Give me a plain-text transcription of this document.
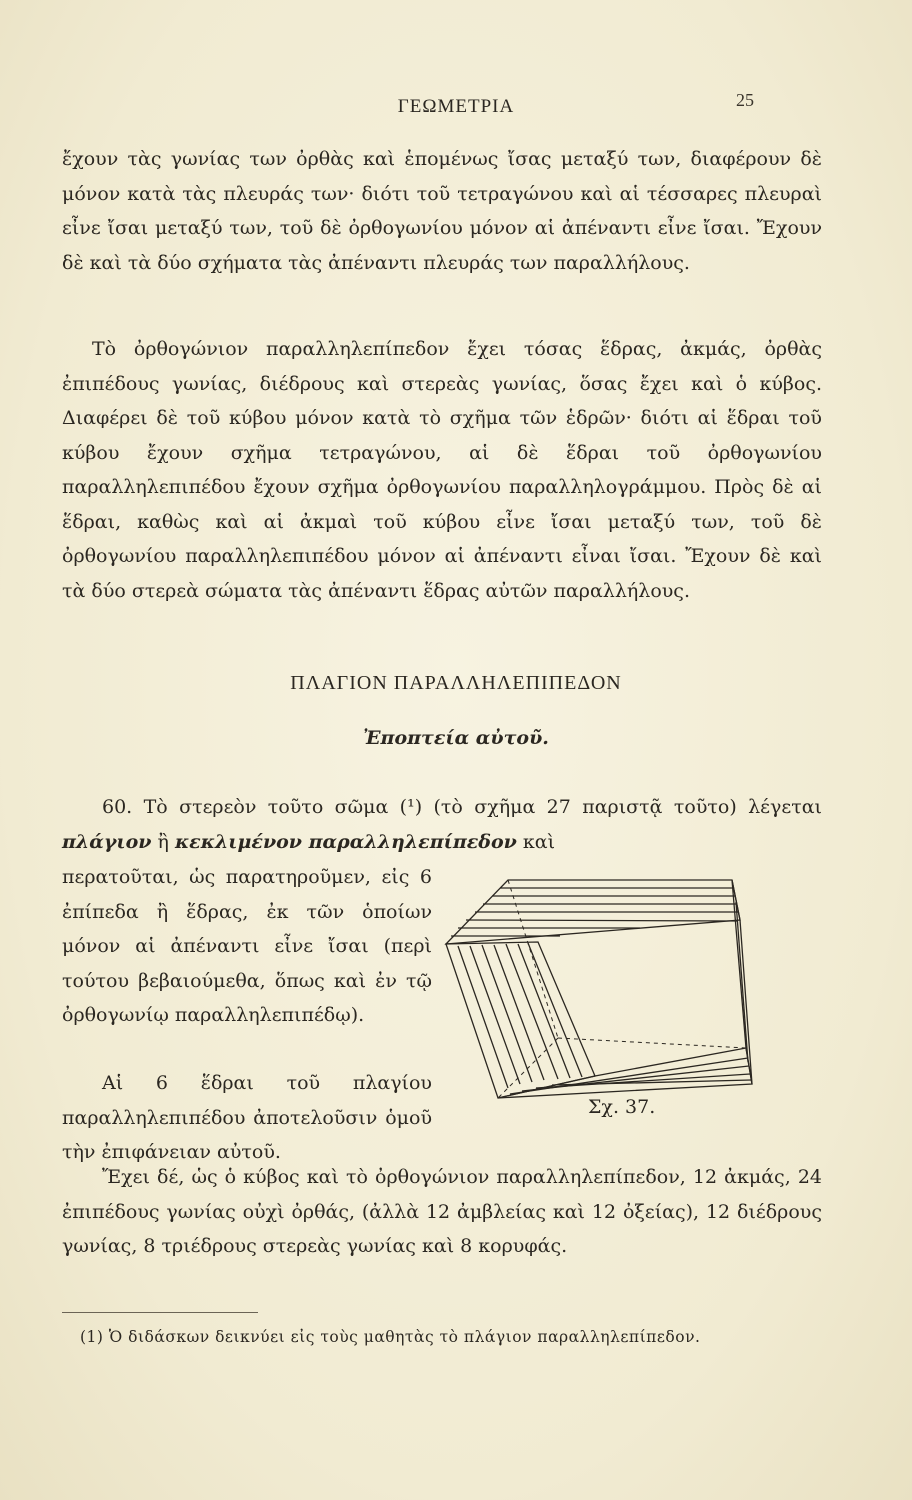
ΓΕΩΜΕΤΡΙΑ	25
ἔχουν τὰς γωνίας των ὀρθὰς καὶ ἑπομένως ἴσας μεταξύ των, διαφέρουν δὲ μόνον κατὰ τὰς πλευράς των· διότι τοῦ τετραγώνου καὶ αἱ τέσσαρες πλευραὶ εἶνε ἴσαι μεταξύ των, τοῦ δὲ ὀρθογωνίου μόνον αἱ ἀπέναντι εἶνε ἴσαι. Ἔχουν δὲ καὶ τὰ δύο σχήματα τὰς ἀπέναντι πλευράς των παραλλήλους.
Τὸ ὀρθογώνιον παραλληλεπίπεδον ἔχει τόσας ἕδρας, ἀκμάς, ὀρθὰς ἐπιπέδους γωνίας, διέδρους καὶ στερεὰς γωνίας, ὅσας ἔχει καὶ ὁ κύβος. Διαφέρει δὲ τοῦ κύβου μόνον κατὰ τὸ σχῆμα τῶν ἑδρῶν· διότι αἱ ἕδραι τοῦ κύβου ἔχουν σχῆμα τετραγώνου, αἱ δὲ ἕδραι τοῦ ὀρθογωνίου παραλληλεπιπέδου ἔχουν σχῆμα ὀρθογωνίου παραλληλογράμμου. Πρὸς δὲ αἱ ἕδραι, καθὼς καὶ αἱ ἀκμαὶ τοῦ κύβου εἶνε ἴσαι μεταξύ των, τοῦ δὲ ὀρθογωνίου παραλληλεπιπέδου μόνον αἱ ἀπέναντι εἶναι ἴσαι. Ἔχουν δὲ καὶ τὰ δύο στερεὰ σώματα τὰς ἀπέναντι ἕδρας αὐτῶν παραλλήλους.
ΠΛΑΓΙΟΝ ΠΑΡΑΛΛΗΛΕΠΙΠΕΔΟΝ
Ἐποπτεία αὐτοῦ.
60. Τὸ στερεὸν τοῦτο σῶμα (¹) (τὸ σχῆμα 27 παριστᾷ τοῦτο) λέγεται πλάγιον ἢ κεκλιμένον παραλληλεπίπεδον καὶ
περατοῦται, ὡς παρατηροῦμεν, εἰς 6 ἐπίπεδα ἢ ἕδρας, ἐκ τῶν ὁποίων μόνον αἱ ἀπέναντι εἶνε ἴσαι (περὶ τούτου βεβαιούμεθα, ὅπως καὶ ἐν τῷ ὀρθογωνίῳ παραλληλεπιπέδῳ).
Αἱ 6 ἕδραι τοῦ πλαγίου παραλληλεπιπέδου ἀποτελοῦσιν ὁμοῦ τὴν ἐπιφάνειαν αὐτοῦ.
Σχ. 37.
Ἔχει δέ, ὡς ὁ κύβος καὶ τὸ ὀρθογώνιον παραλληλεπίπεδον, 12 ἀκμάς, 24 ἐπιπέδους γωνίας οὐχὶ ὀρθάς, (ἀλλὰ 12 ἀμβλείας καὶ 12 ὀξείας), 12 διέδρους γωνίας, 8 τριέδρους στερεὰς γωνίας καὶ 8 κορυφάς.
(1) Ὁ διδάσκων δεικνύει εἰς τοὺς μαθητὰς τὸ πλάγιον παραλληλεπίπεδον.
